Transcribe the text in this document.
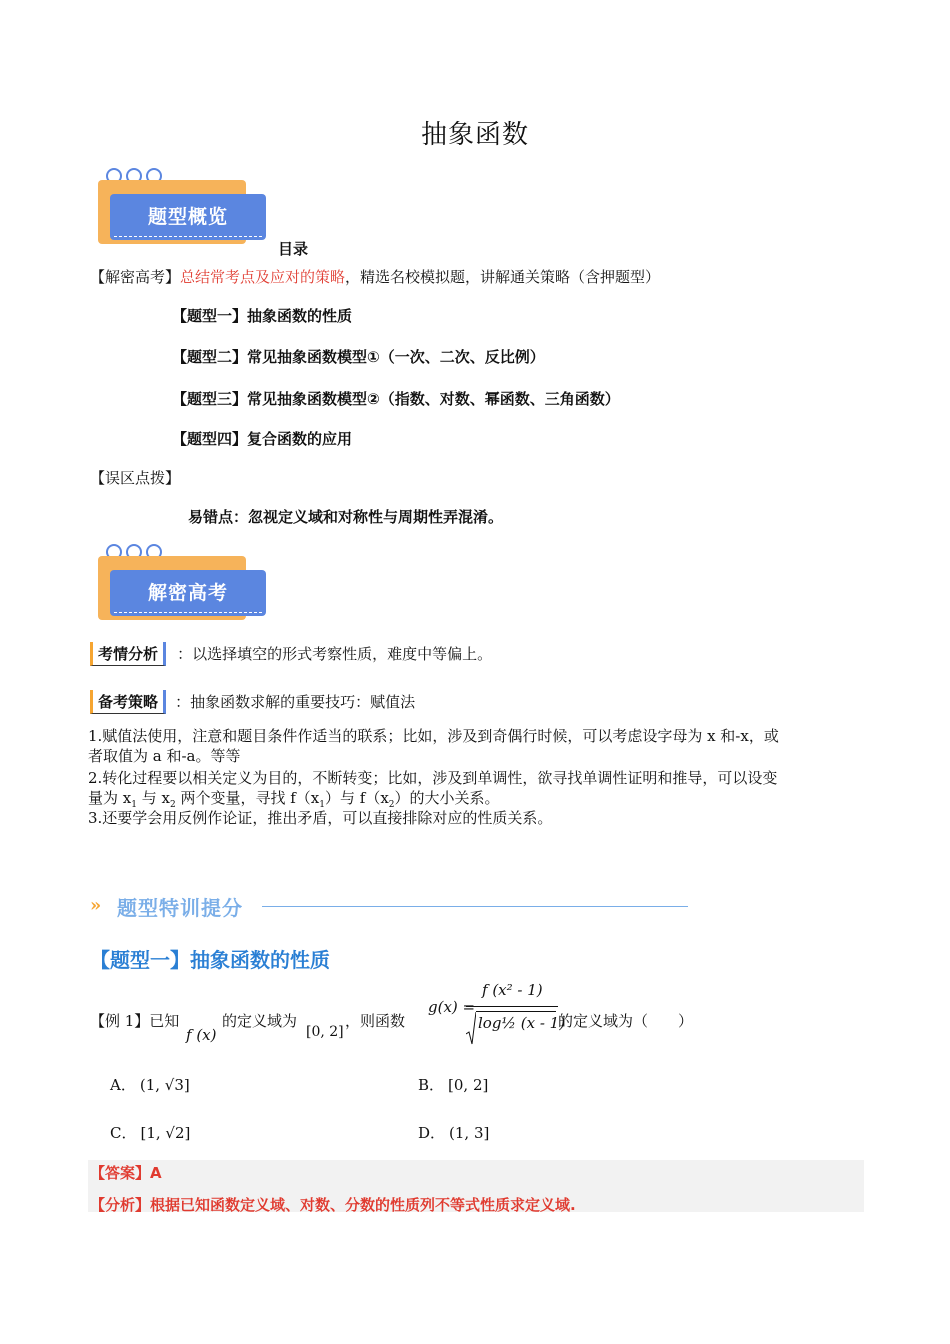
抽象函数
题型概览
目录
【解密高考】总结常考点及应对的策略，精选名校模拟题，讲解通关策略（含押题型）
【题型一】抽象函数的性质
【题型二】常见抽象函数模型①（一次、二次、反比例）
【题型三】常见抽象函数模型②（指数、对数、幂函数、三角函数）
【题型四】复合函数的应用
【误区点拨】
易错点：忽视定义域和对称性与周期性弄混淆。
解密高考
考情分析 ：以选择填空的形式考察性质，难度中等偏上。
备考策略 ：抽象函数求解的重要技巧：赋值法
1.赋值法使用，注意和题目条件作适当的联系；比如，涉及到奇偶行时候，可以考虑设字母为 x 和-x，或
者取值为 a 和-a。等等
2.转化过程要以相关定义为目的，不断转变；比如，涉及到单调性，欲寻找单调性证明和推导，可以设变
量为 $x_1$ 与 $x_2$ 两个变量，寻找 $f(x_1)$与 $f(x_2)$的大小关系。
3.还要学会用反例作论证，推出矛盾，可以直接排除对应的性质关系。
» 题型特训提分
【题型一】抽象函数的性质
【例 1】已知
f (x)
的定义域为
[0, 2]
，则函数
g(x) =
f (x² - 1)
log½ (x - 1)
的定义域为（　　）
A． (1, √3]	B． [0, 2]
C． [1, √2]	D． (1, 3]
【答案】A
【分析】根据已知函数定义域、对数、分数的性质列不等式性质求定义域.
